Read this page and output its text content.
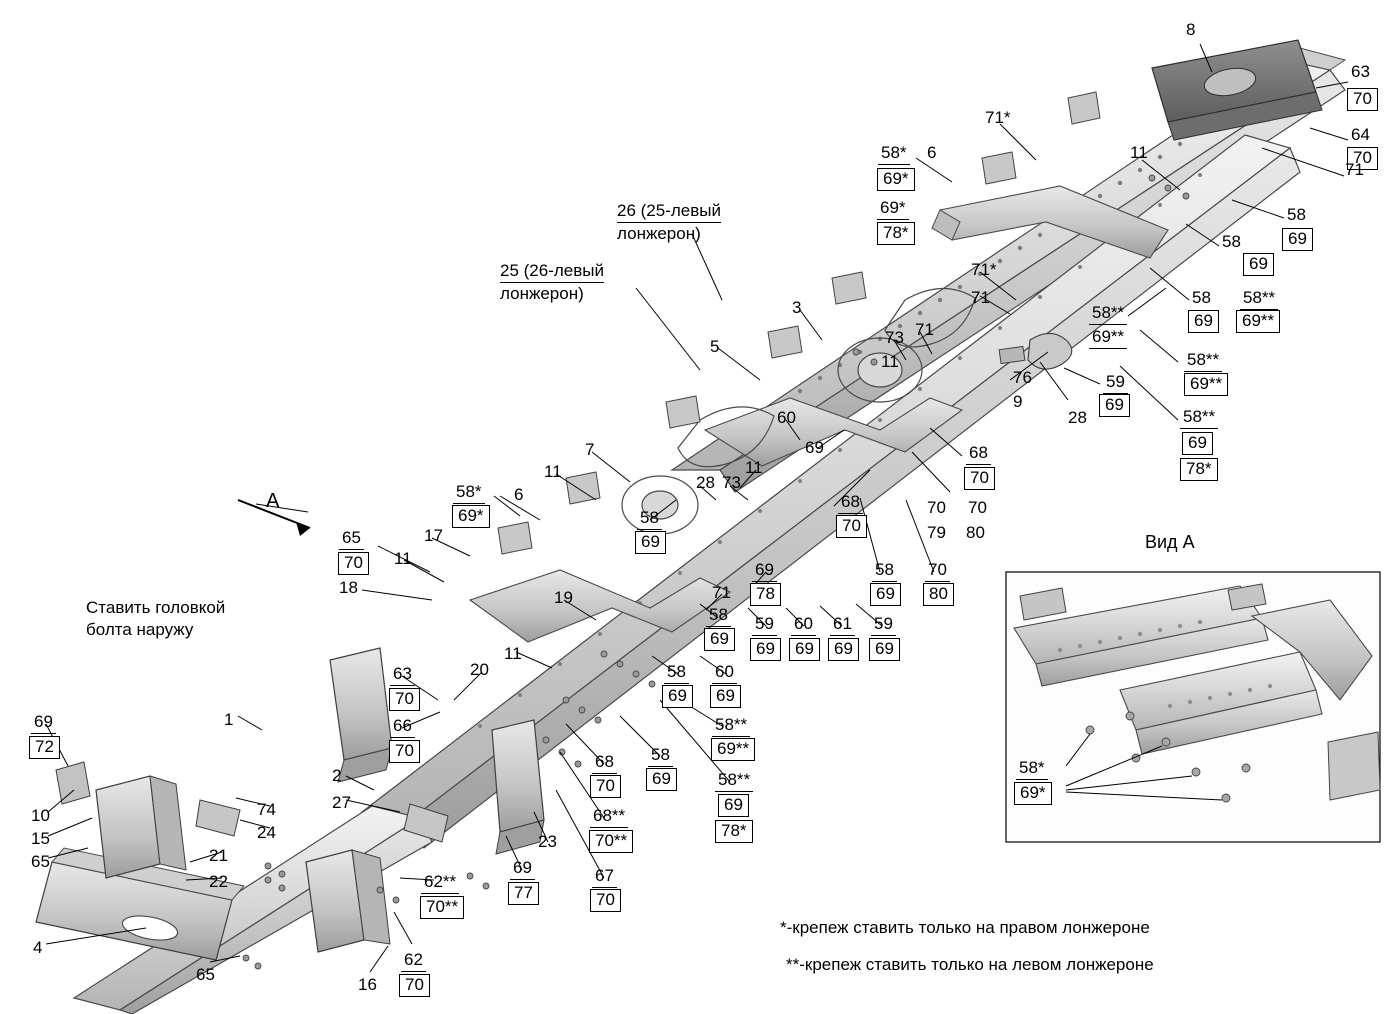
26 (25-левый
лонжерон)
25 (26-левый
лонжерон)
Ставить головкой
болта наружу
А
Вид А
*-крепеж ставить только на правом лонжероне
**-крепеж ставить только на левом лонжероне
8
63
70
64
70
71*
58* 6
69*
69*
78*
11
71
58
58	69
69
58 58**
69	69**
58**
69**
58**
69**
58**
69
78*
59
69
76
9
28
71*
71
3
73 71
11
5
60
69	68
70
70
70
79 80
68
70
58
69
70
80
7
11	11
28 73
58*
69*
6
58
69
17
65
70
18
11
19
11
71
58
69
69
78
59
69
60
69
61
69
59
69
58
69
60
69
58**
69**
58**
69
78*
58
69
68
70
68**
70**
67
70
23
69
77
20
63
70
66
70
1
2
27
74
24
69
72
10
15
65	21
22
4
65
16
62
70
62**
70**
58*
69*
